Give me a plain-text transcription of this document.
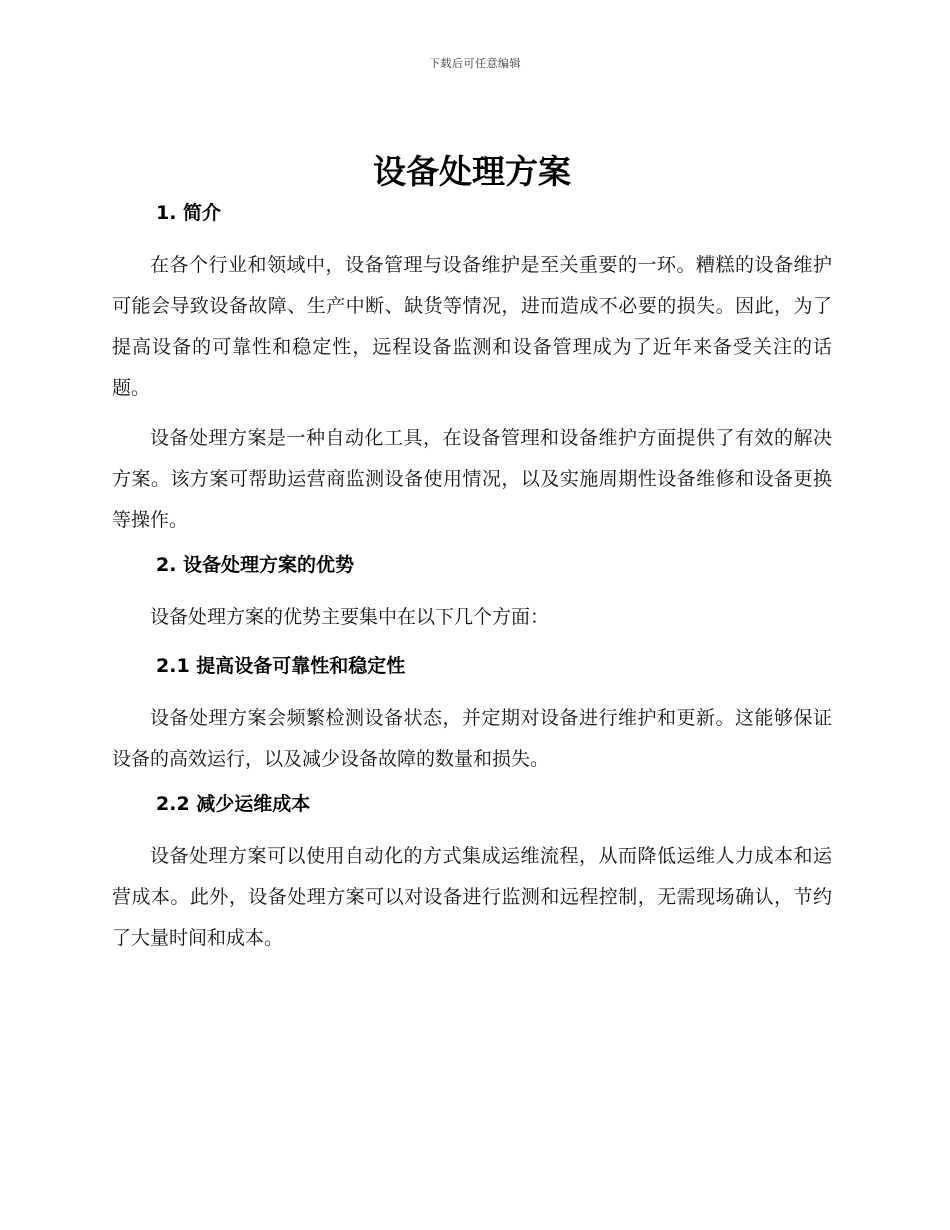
下载后可任意编辑
设备处理方案
1. 简介

在各个行业和领域中，设备管理与设备维护是至关重要的一环。糟糕的设备维护可能会导致设备故障、生产中断、缺货等情况，进而造成不必要的损失。因此，为了提高设备的可靠性和稳定性，远程设备监测和设备管理成为了近年来备受关注的话题。

设备处理方案是一种自动化工具，在设备管理和设备维护方面提供了有效的解决方案。该方案可帮助运营商监测设备使用情况，以及实施周期性设备维修和设备更换等操作。

2. 设备处理方案的优势

设备处理方案的优势主要集中在以下几个方面：

2.1 提高设备可靠性和稳定性

设备处理方案会频繁检测设备状态，并定期对设备进行维护和更新。这能够保证设备的高效运行，以及减少设备故障的数量和损失。

2.2 减少运维成本

设备处理方案可以使用自动化的方式集成运维流程，从而降低运维人力成本和运营成本。此外，设备处理方案可以对设备进行监测和远程控制，无需现场确认，节约了大量时间和成本。
